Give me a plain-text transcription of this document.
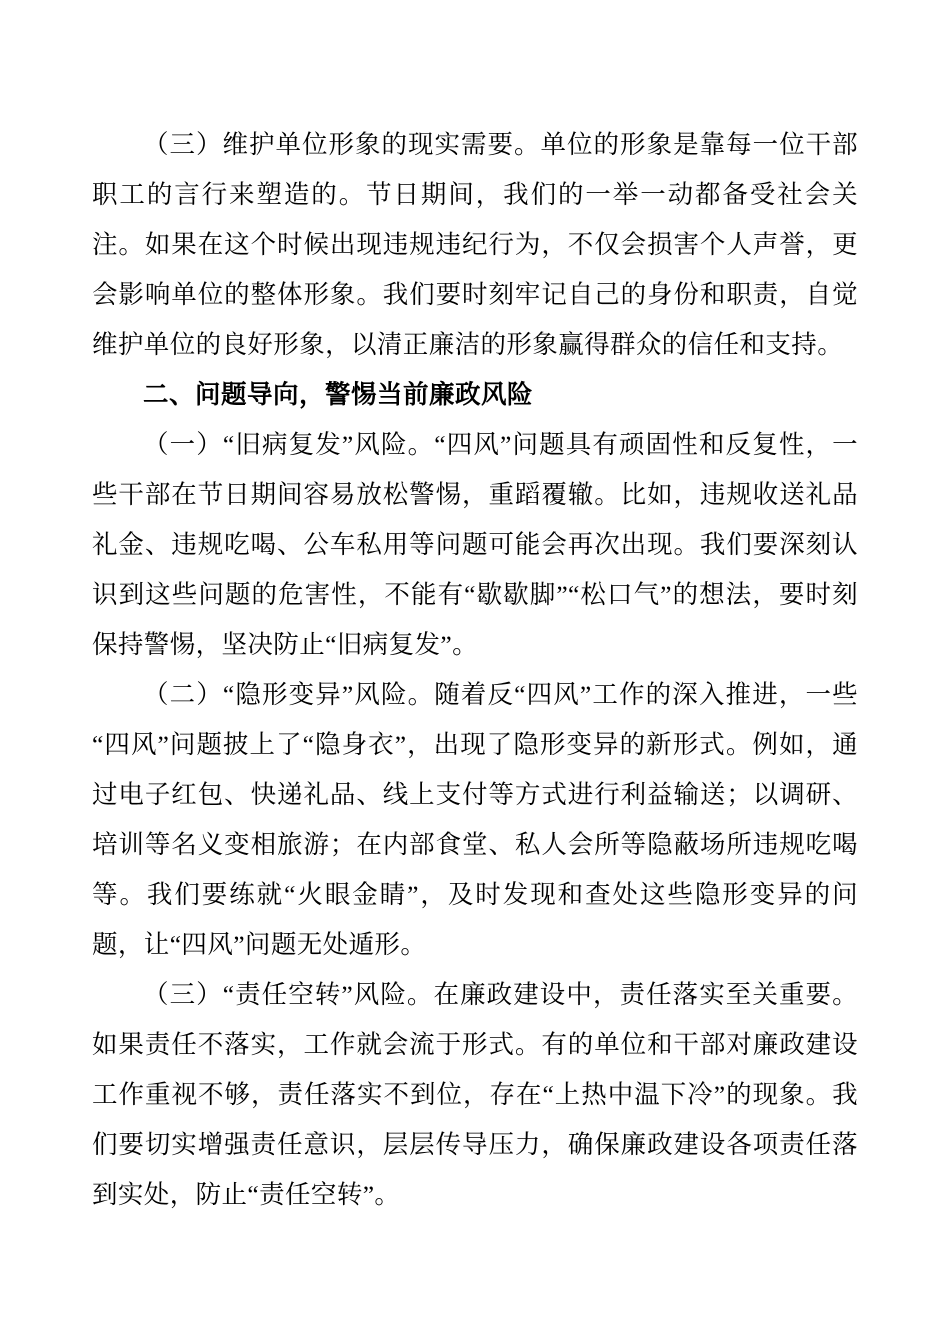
（三）维护单位形象的现实需要。单位的形象是靠每一位干部职工的言行来塑造的。节日期间，我们的一举一动都备受社会关注。如果在这个时候出现违规违纪行为，不仅会损害个人声誉，更会影响单位的整体形象。我们要时刻牢记自己的身份和职责，自觉维护单位的良好形象，以清正廉洁的形象赢得群众的信任和支持。

二、问题导向，警惕当前廉政风险

（一）“旧病复发”风险。“四风”问题具有顽固性和反复性，一些干部在节日期间容易放松警惕，重蹈覆辙。比如，违规收送礼品礼金、违规吃喝、公车私用等问题可能会再次出现。我们要深刻认识到这些问题的危害性，不能有“歇歇脚”“松口气”的想法，要时刻保持警惕，坚决防止“旧病复发”。

（二）“隐形变异”风险。随着反“四风”工作的深入推进，一些“四风”问题披上了“隐身衣”，出现了隐形变异的新形式。例如，通过电子红包、快递礼品、线上支付等方式进行利益输送；以调研、培训等名义变相旅游；在内部食堂、私人会所等隐蔽场所违规吃喝等。我们要练就“火眼金睛”，及时发现和查处这些隐形变异的问题，让“四风”问题无处遁形。

（三）“责任空转”风险。在廉政建设中，责任落实至关重要。如果责任不落实，工作就会流于形式。有的单位和干部对廉政建设工作重视不够，责任落实不到位，存在“上热中温下冷”的现象。我们要切实增强责任意识，层层传导压力，确保廉政建设各项责任落到实处，防止“责任空转”。
